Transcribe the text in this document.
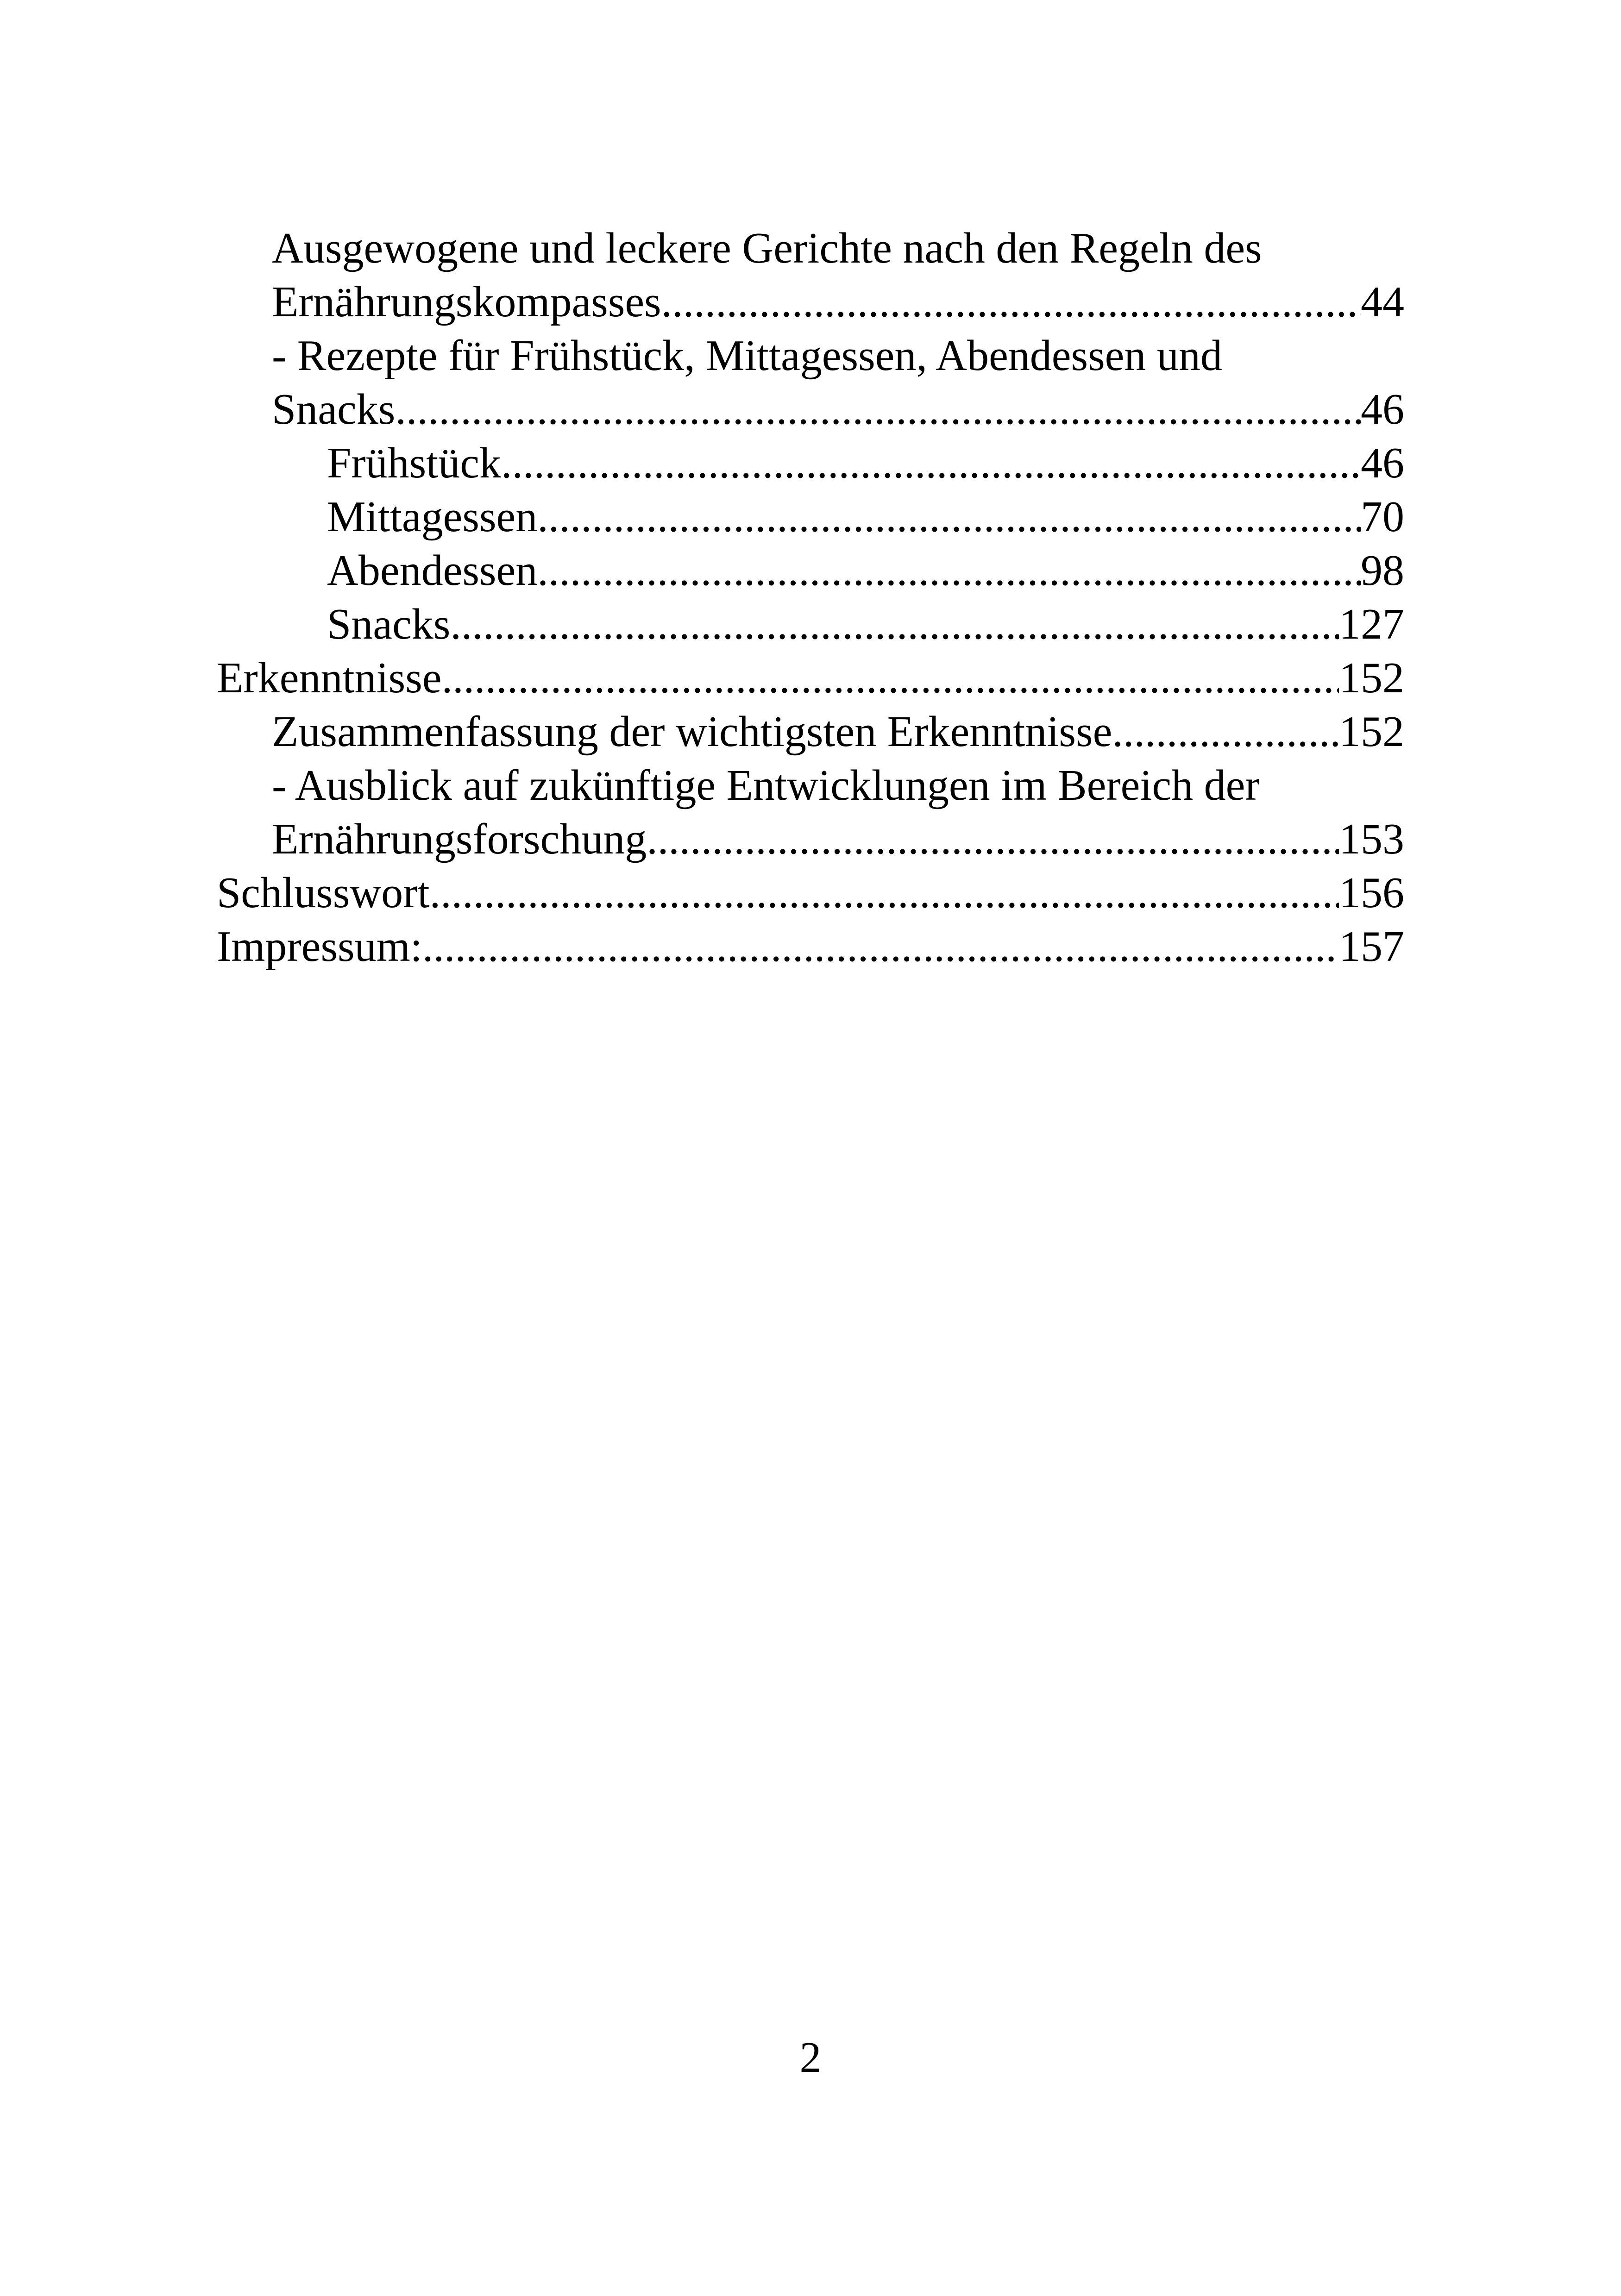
Ausgewogene und leckere Gerichte nach den Regeln des
Ernährungskompasses .....	44
- Rezepte für Frühstück, Mittagessen, Abendessen und
Snacks .....	46
Frühstück .....	46
Mittagessen .....	70
Abendessen .....	98
Snacks .....	127
Erkenntnisse .....	152
Zusammenfassung der wichtigsten Erkenntnisse .....	152
- Ausblick auf zukünftige Entwicklungen im Bereich der
Ernährungsforschung .....	153
Schlusswort .....	156
Impressum: .....	157
2
